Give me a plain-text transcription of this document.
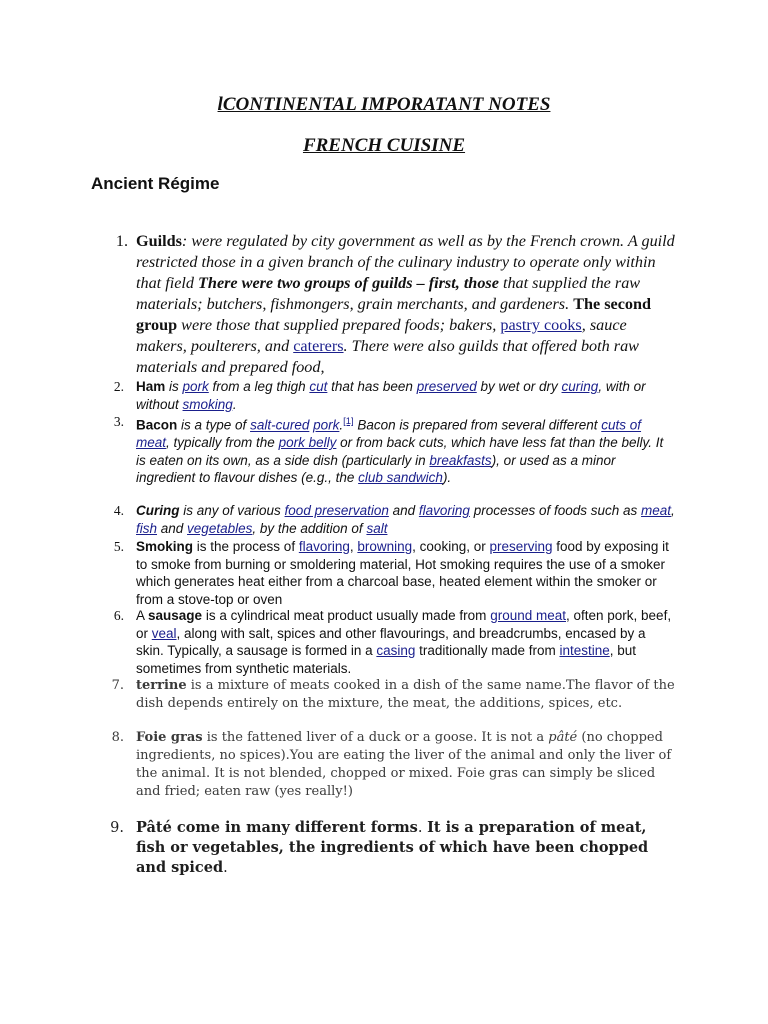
lCONTINENTAL IMPORATANT NOTES
FRENCH CUISINE
Ancient Régime
1. Guilds: were regulated by city government as well as by the French crown. A guild restricted those in a given branch of the culinary industry to operate only within that field There were two groups of guilds – first, those that supplied the raw materials; butchers, fishmongers, grain merchants, and gardeners. The second group were those that supplied prepared foods; bakers, pastry cooks, sauce makers, poulterers, and caterers. There were also guilds that offered both raw materials and prepared food,
2. Ham is pork from a leg thigh cut that has been preserved by wet or dry curing, with or without smoking.
3. Bacon is a type of salt-cured pork.[1] Bacon is prepared from several different cuts of meat, typically from the pork belly or from back cuts, which have less fat than the belly. It is eaten on its own, as a side dish (particularly in breakfasts), or used as a minor ingredient to flavour dishes (e.g., the club sandwich).
4. Curing is any of various food preservation and flavoring processes of foods such as meat, fish and vegetables, by the addition of salt
5. Smoking is the process of flavoring, browning, cooking, or preserving food by exposing it to smoke from burning or smoldering material, Hot smoking requires the use of a smoker which generates heat either from a charcoal base, heated element within the smoker or from a stove-top or oven
6. A sausage is a cylindrical meat product usually made from ground meat, often pork, beef, or veal, along with salt, spices and other flavourings, and breadcrumbs, encased by a skin. Typically, a sausage is formed in a casing traditionally made from intestine, but sometimes from synthetic materials.
7. terrine is a mixture of meats cooked in a dish of the same name.The flavor of the dish depends entirely on the mixture, the meat, the additions, spices, etc.
8. Foie gras is the fattened liver of a duck or a goose. It is not a pâté (no chopped ingredients, no spices).You are eating the liver of the animal and only the liver of the animal. It is not blended, chopped or mixed. Foie gras can simply be sliced and fried; eaten raw (yes really!)
9. Pâté come in many different forms. It is a preparation of meat, fish or vegetables, the ingredients of which have been chopped and spiced.
